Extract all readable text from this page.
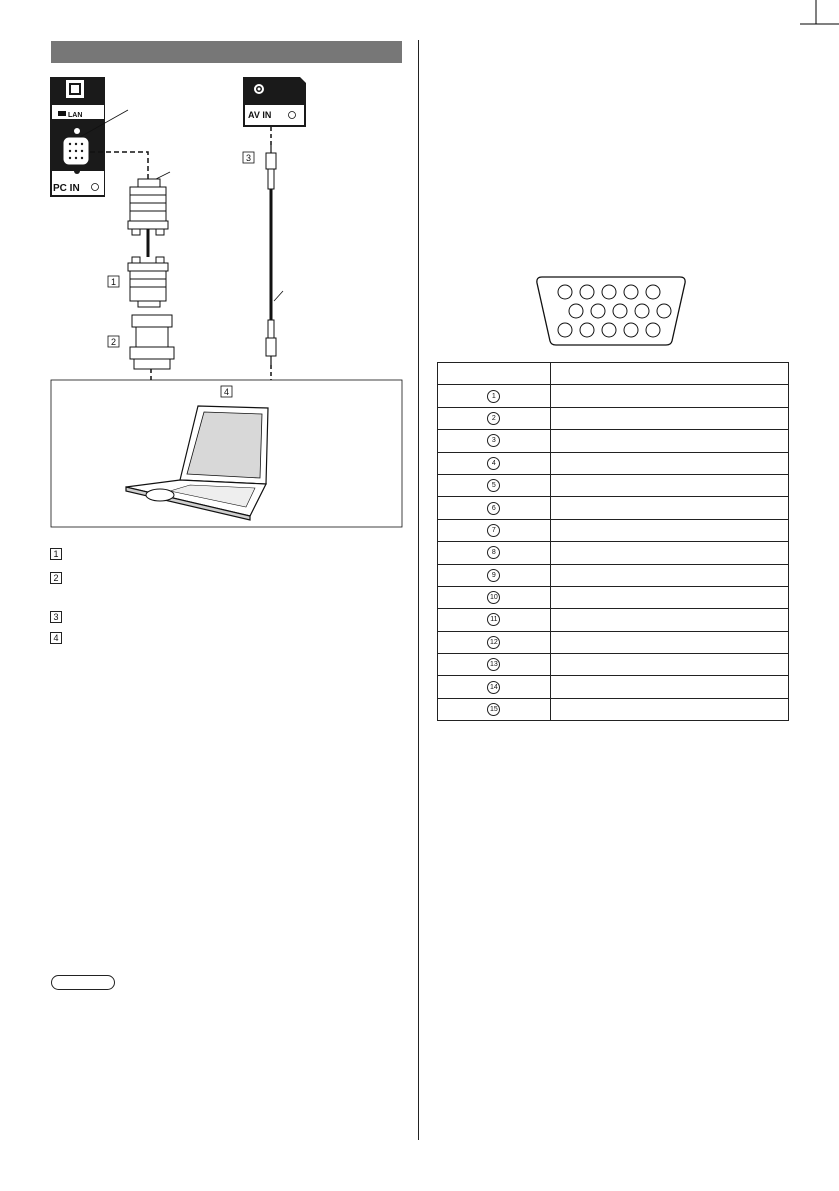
LAN
PC IN
1
2
AV IN
3
4
1
2
3
4

1	
2	
3	
4	
5	
6	
7	
8	
9	
10	
11	
12	
13	
14	
15	
